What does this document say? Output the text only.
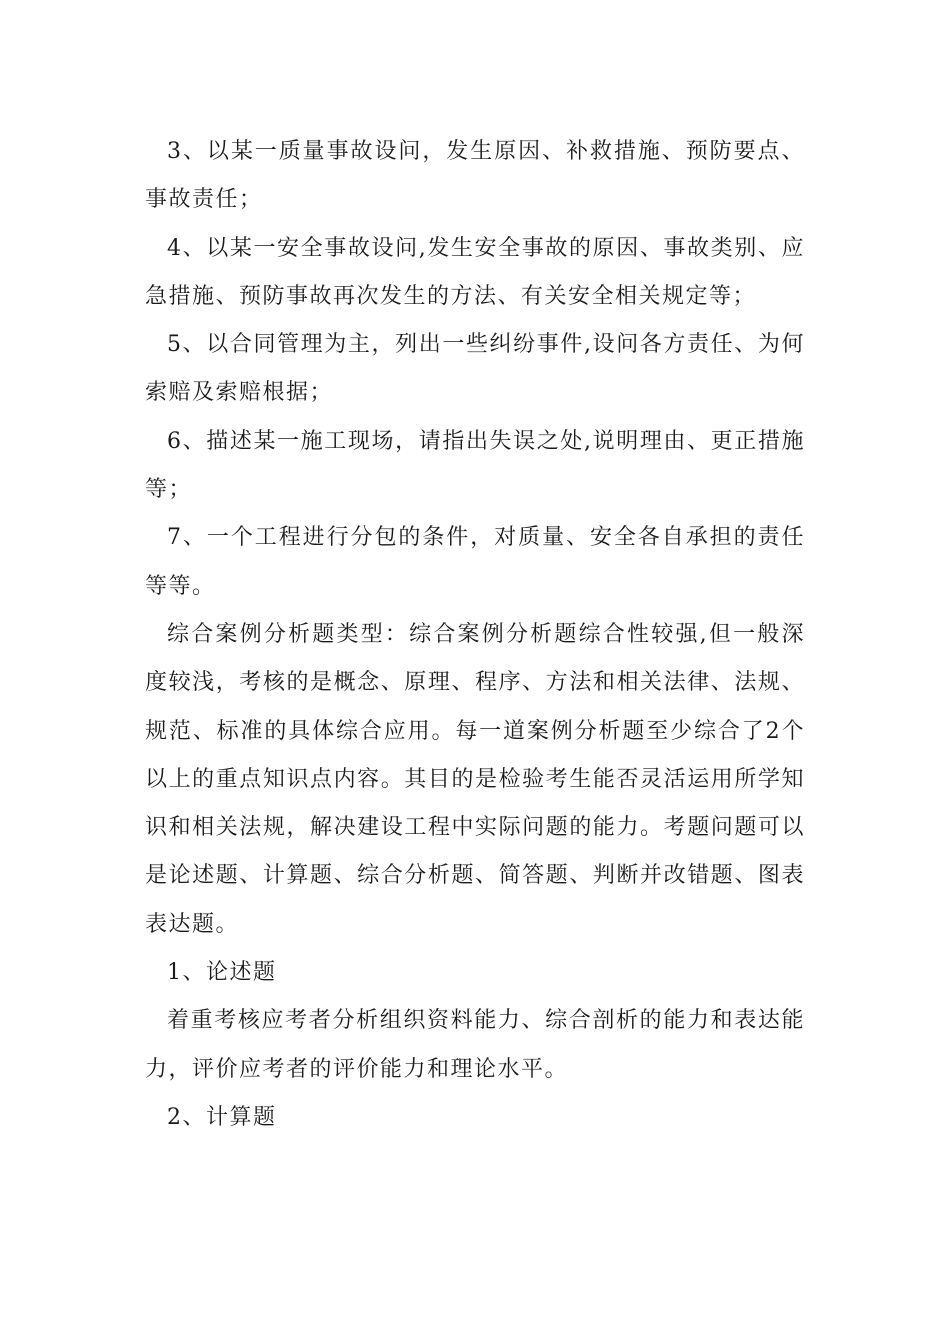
3、以某一质量事故设问，发生原因、补救措施、预防要点、事故责任；

4、以某一安全事故设问,发生安全事故的原因、事故类别、应急措施、预防事故再次发生的方法、有关安全相关规定等；

5、以合同管理为主，列出一些纠纷事件,设问各方责任、为何索赔及索赔根据；

6、描述某一施工现场，请指出失误之处,说明理由、更正措施等；

7、一个工程进行分包的条件，对质量、安全各自承担的责任等等。

综合案例分析题类型：综合案例分析题综合性较强,但一般深度较浅，考核的是概念、原理、程序、方法和相关法律、法规、规范、标准的具体综合应用。每一道案例分析题至少综合了2个以上的重点知识点内容。其目的是检验考生能否灵活运用所学知识和相关法规，解决建设工程中实际问题的能力。考题问题可以是论述题、计算题、综合分析题、简答题、判断并改错题、图表表达题。

1、论述题

着重考核应考者分析组织资料能力、综合剖析的能力和表达能力，评价应考者的评价能力和理论水平。

2、计算题
